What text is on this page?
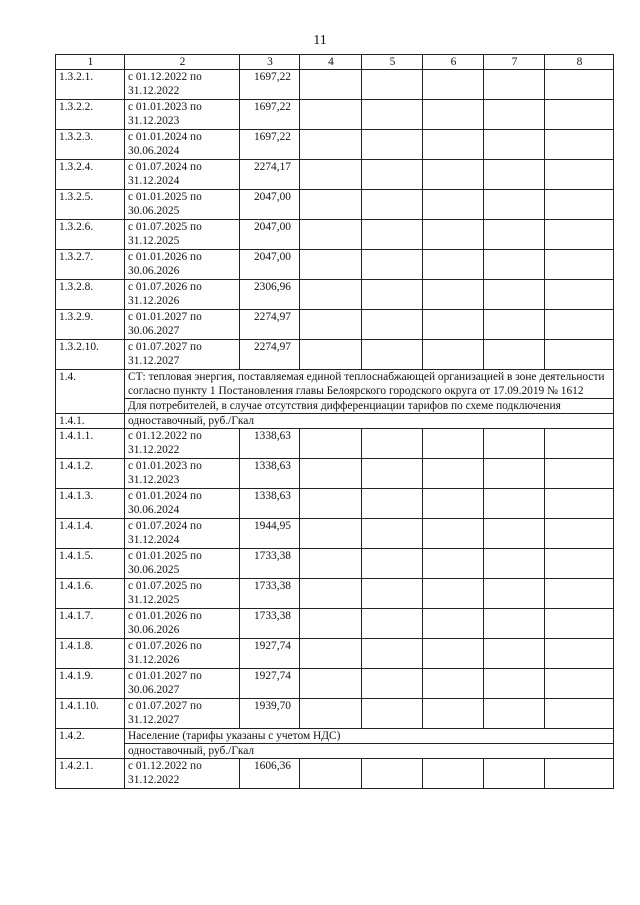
11
1	2	3	4	5	6	7	8
1.3.2.1.	с 01.12.2022 по 31.12.2022	1697,22					
1.3.2.2.	с 01.01.2023 по 31.12.2023	1697,22					
1.3.2.3.	с 01.01.2024 по 30.06.2024	1697,22					
1.3.2.4.	с 01.07.2024 по 31.12.2024	2274,17					
1.3.2.5.	с 01.01.2025 по 30.06.2025	2047,00					
1.3.2.6.	с 01.07.2025 по 31.12.2025	2047,00					
1.3.2.7.	с 01.01.2026 по 30.06.2026	2047,00					
1.3.2.8.	с 01.07.2026 по 31.12.2026	2306,96					
1.3.2.9.	с 01.01.2027 по 30.06.2027	2274,97					
1.3.2.10.	с 01.07.2027 по 31.12.2027	2274,97					
1.4.	СТ: тепловая энергия, поставляемая единой теплоснабжающей организацией в зоне деятельности согласно пункту 1 Постановления главы Белоярского городского округа от 17.09.2019 № 1612						
	Для потребителей, в случае отсутствия дифференциации тарифов по схеме подключения						
1.4.1.	одноставочный, руб./Гкал						
1.4.1.1.	с 01.12.2022 по 31.12.2022	1338,63					
1.4.1.2.	с 01.01.2023 по 31.12.2023	1338,63					
1.4.1.3.	с 01.01.2024 по 30.06.2024	1338,63					
1.4.1.4.	с 01.07.2024 по 31.12.2024	1944,95					
1.4.1.5.	с 01.01.2025 по 30.06.2025	1733,38					
1.4.1.6.	с 01.07.2025 по 31.12.2025	1733,38					
1.4.1.7.	с 01.01.2026 по 30.06.2026	1733,38					
1.4.1.8.	с 01.07.2026 по 31.12.2026	1927,74					
1.4.1.9.	с 01.01.2027 по 30.06.2027	1927,74					
1.4.1.10.	с 01.07.2027 по 31.12.2027	1939,70					
1.4.2.	Население (тарифы указаны с учетом НДС)						
	одноставочный, руб./Гкал						
1.4.2.1.	с 01.12.2022 по 31.12.2022	1606,36					
